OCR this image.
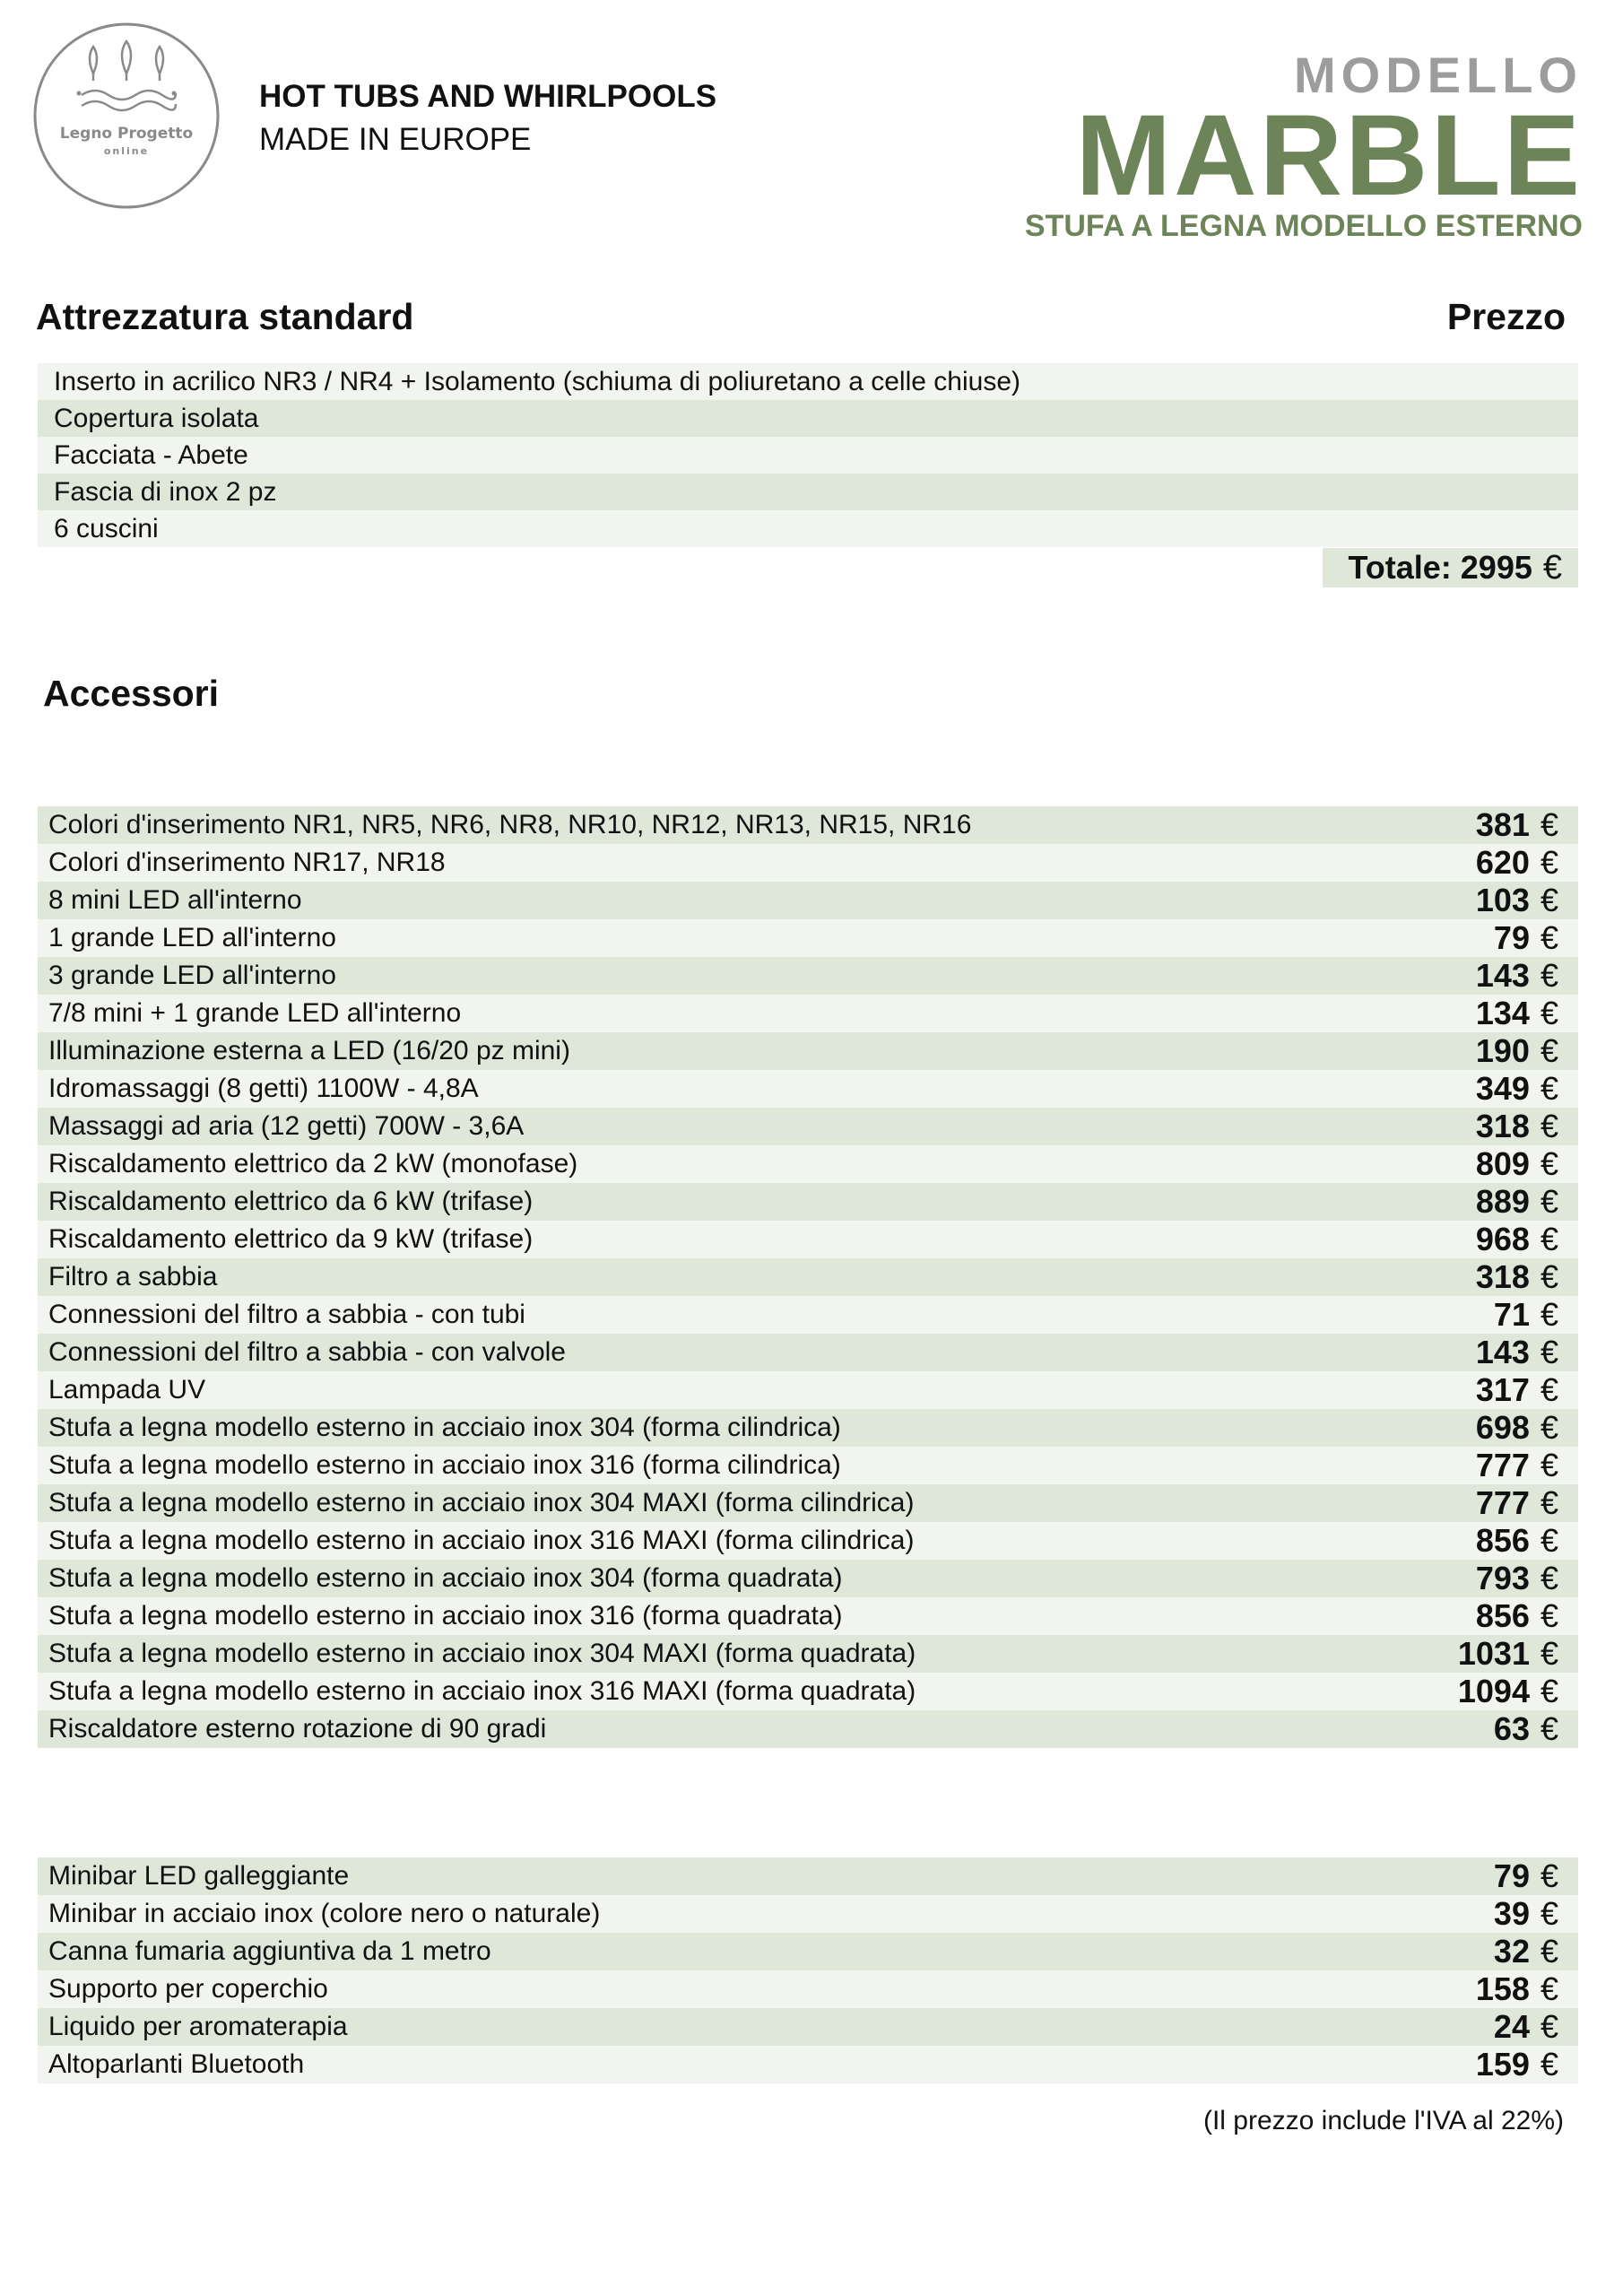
Legno Progetto
online
HOT TUBS AND WHIRLPOOLS
MADE IN EUROPE
MODELLO
MARBLE
STUFA A LEGNA MODELLO ESTERNO
Attrezzatura standard	Prezzo
Inserto in acrilico NR3 / NR4 + Isolamento (schiuma di poliuretano a celle chiuse)
Copertura isolata
Facciata - Abete
Fascia di inox 2 pz
6 cuscini
Totale: 2995 €
Accessori
Colori d'inserimento NR1, NR5, NR6, NR8, NR10, NR12, NR13, NR15, NR16	381 €
Colori d'inserimento NR17, NR18	620 €
8 mini LED all'interno	103 €
1 grande LED all'interno	79 €
3 grande LED all'interno	143 €
7/8 mini + 1 grande LED all'interno	134 €
Illuminazione esterna a LED (16/20 pz mini)	190 €
Idromassaggi (8 getti) 1100W - 4,8A	349 €
Massaggi ad aria (12 getti) 700W - 3,6A	318 €
Riscaldamento elettrico da 2 kW (monofase)	809 €
Riscaldamento elettrico da 6 kW (trifase)	889 €
Riscaldamento elettrico da 9 kW (trifase)	968 €
Filtro a sabbia	318 €
Connessioni del filtro a sabbia - con tubi	71 €
Connessioni del filtro a sabbia - con valvole	143 €
Lampada UV	317 €
Stufa a legna modello esterno in acciaio inox 304 (forma cilindrica)	698 €
Stufa a legna modello esterno in acciaio inox 316 (forma cilindrica)	777 €
Stufa a legna modello esterno in acciaio inox 304 MAXI (forma cilindrica)	777 €
Stufa a legna modello esterno in acciaio inox 316 MAXI (forma cilindrica)	856 €
Stufa a legna modello esterno in acciaio inox 304 (forma quadrata)	793 €
Stufa a legna modello esterno in acciaio inox 316 (forma quadrata)	856 €
Stufa a legna modello esterno in acciaio inox 304 MAXI (forma quadrata)	1031 €
Stufa a legna modello esterno in acciaio inox 316 MAXI (forma quadrata)	1094 €
Riscaldatore esterno rotazione di 90 gradi	63 €
Minibar LED galleggiante	79 €
Minibar in acciaio inox (colore nero o naturale)	39 €
Canna fumaria aggiuntiva da 1 metro	32 €
Supporto per coperchio	158 €
Liquido per aromaterapia	24 €
Altoparlanti Bluetooth	159 €
(Il prezzo include l'IVA al 22%)
